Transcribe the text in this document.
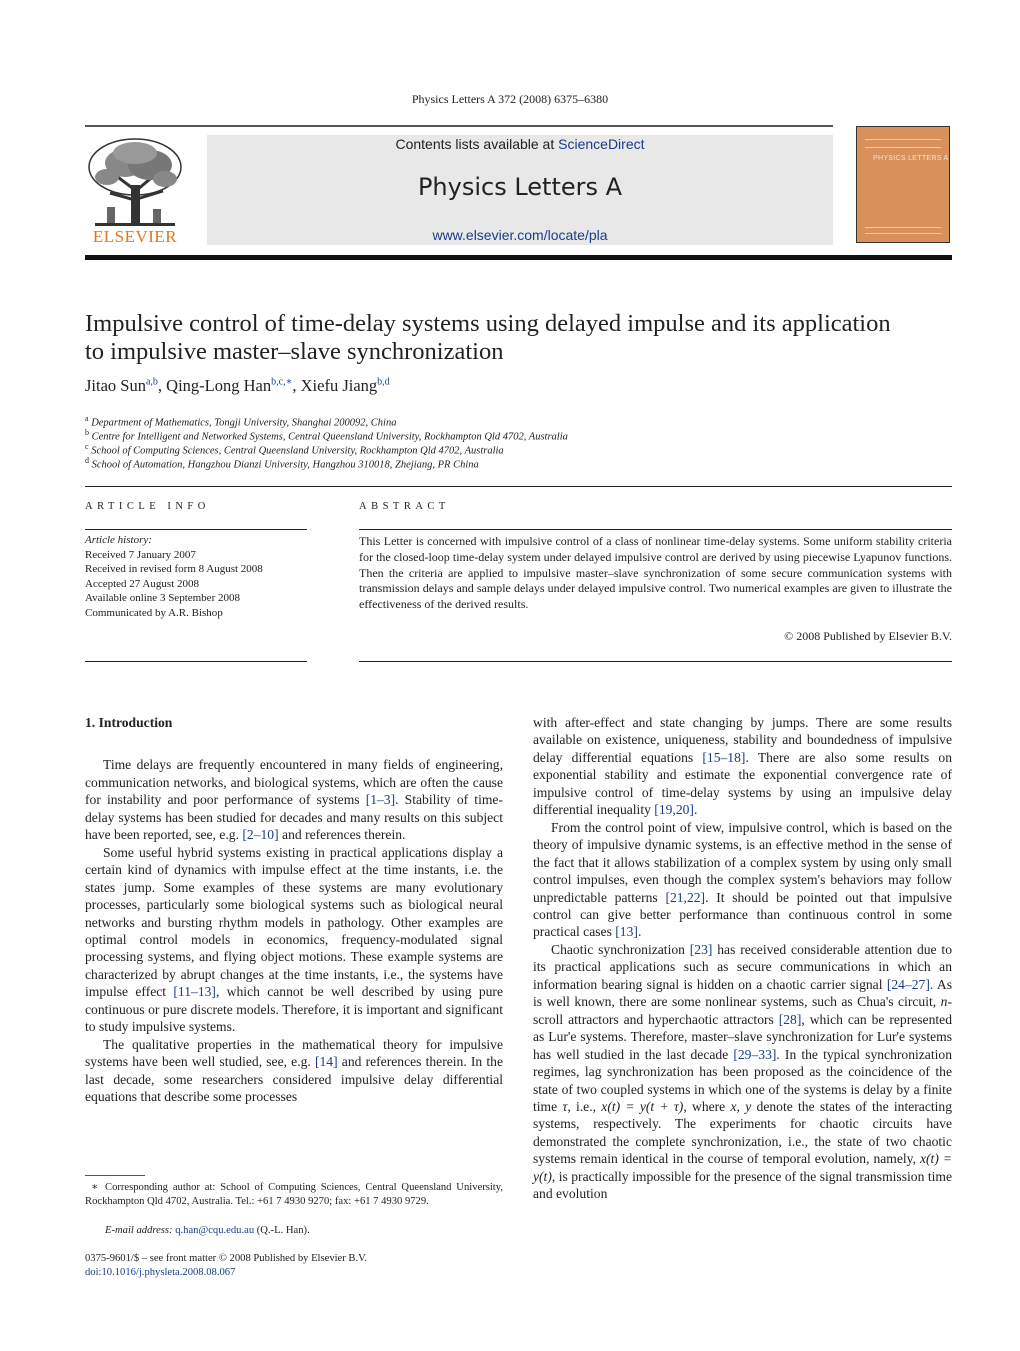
Physics Letters A 372 (2008) 6375–6380
ELSEVIER
Contents lists available at ScienceDirect
Physics Letters A
www.elsevier.com/locate/pla
PHYSICS LETTERS A
Impulsive control of time-delay systems using delayed impulse and its application
to impulsive master–slave synchronization
Jitao Sun$^{a,b}$, Qing-Long Han$^{b,c,∗}$, Xiefu Jiang$^{b,d}$
$^a$ Department of Mathematics, Tongji University, Shanghai 200092, China
$^b$ Centre for Intelligent and Networked Systems, Central Queensland University, Rockhampton Qld 4702, Australia
$^c$ School of Computing Sciences, Central Queensland University, Rockhampton Qld 4702, Australia
$^d$ School of Automation, Hangzhou Dianzi University, Hangzhou 310018, Zhejiang, PR China
ARTICLE INFO
Article history:
Received 7 January 2007
Received in revised form 8 August 2008
Accepted 27 August 2008
Available online 3 September 2008
Communicated by A.R. Bishop
ABSTRACT
This Letter is concerned with impulsive control of a class of nonlinear time-delay systems. Some uniform stability criteria for the closed-loop time-delay system under delayed impulsive control are derived by using piecewise Lyapunov functions. Then the criteria are applied to impulsive master–slave synchronization of some secure communication systems with transmission delays and sample delays under delayed impulsive control. Two numerical examples are given to illustrate the effectiveness of the derived results.
© 2008 Published by Elsevier B.V.

1. Introduction

Time delays are frequently encountered in many fields of engineering, communication networks, and biological systems, which are often the cause for instability and poor performance of systems [1–3]. Stability of time-delay systems has been studied for decades and many results on this subject have been reported, see, e.g. [2–10] and references therein.

Some useful hybrid systems existing in practical applications display a certain kind of dynamics with impulse effect at the time instants, i.e. the states jump. Some examples of these systems are many evolutionary processes, particularly some biological systems such as biological neural networks and bursting rhythm models in pathology. Other examples are optimal control models in economics, frequency-modulated signal processing systems, and flying object motions. These example systems are characterized by abrupt changes at the time instants, i.e., the systems have impulse effect [11–13], which cannot be well described by using pure continuous or pure discrete models. Therefore, it is important and significant to study impulsive systems.

The qualitative properties in the mathematical theory for impulsive systems have been well studied, see, e.g. [14] and references therein. In the last decade, some researchers considered impulsive delay differential equations that describe some processes

∗ Corresponding author at: School of Computing Sciences, Central Queensland University, Rockhampton Qld 4702, Australia. Tel.: +61 7 4930 9270; fax: +61 7 4930 9729.
E-mail address: q.han@cqu.edu.au (Q.-L. Han).
0375-9601/$ – see front matter © 2008 Published by Elsevier B.V.
doi:10.1016/j.physleta.2008.08.067

with after-effect and state changing by jumps. There are some results available on existence, uniqueness, stability and boundedness of impulsive delay differential equations [15–18]. There are also some results on exponential stability and estimate the exponential convergence rate of impulsive control of time-delay systems by using an impulsive delay differential inequality [19,20].

From the control point of view, impulsive control, which is based on the theory of impulsive dynamic systems, is an effective method in the sense of the fact that it allows stabilization of a complex system by using only small control impulses, even though the complex system's behaviors may follow unpredictable patterns [21,22]. It should be pointed out that impulsive control can give better performance than continuous control in some practical cases [13].

Chaotic synchronization [23] has received considerable attention due to its practical applications such as secure communications in which an information bearing signal is hidden on a chaotic carrier signal [24–27]. As is well known, there are some nonlinear systems, such as Chua's circuit, n-scroll attractors and hyperchaotic attractors [28], which can be represented as Lur'e systems. Therefore, master–slave synchronization for Lur'e systems has well studied in the last decade [29–33]. In the typical synchronization regimes, lag synchronization has been proposed as the coincidence of the state of two coupled systems in which one of the systems is delay by a finite time τ, i.e., x(t) = y(t + τ), where x, y denote the states of the interacting systems, respectively. The experiments for chaotic circuits have demonstrated the complete synchronization, i.e., the state of two chaotic systems remain identical in the course of temporal evolution, namely, x(t) = y(t), is practically impossible for the presence of the signal transmission time and evolution
